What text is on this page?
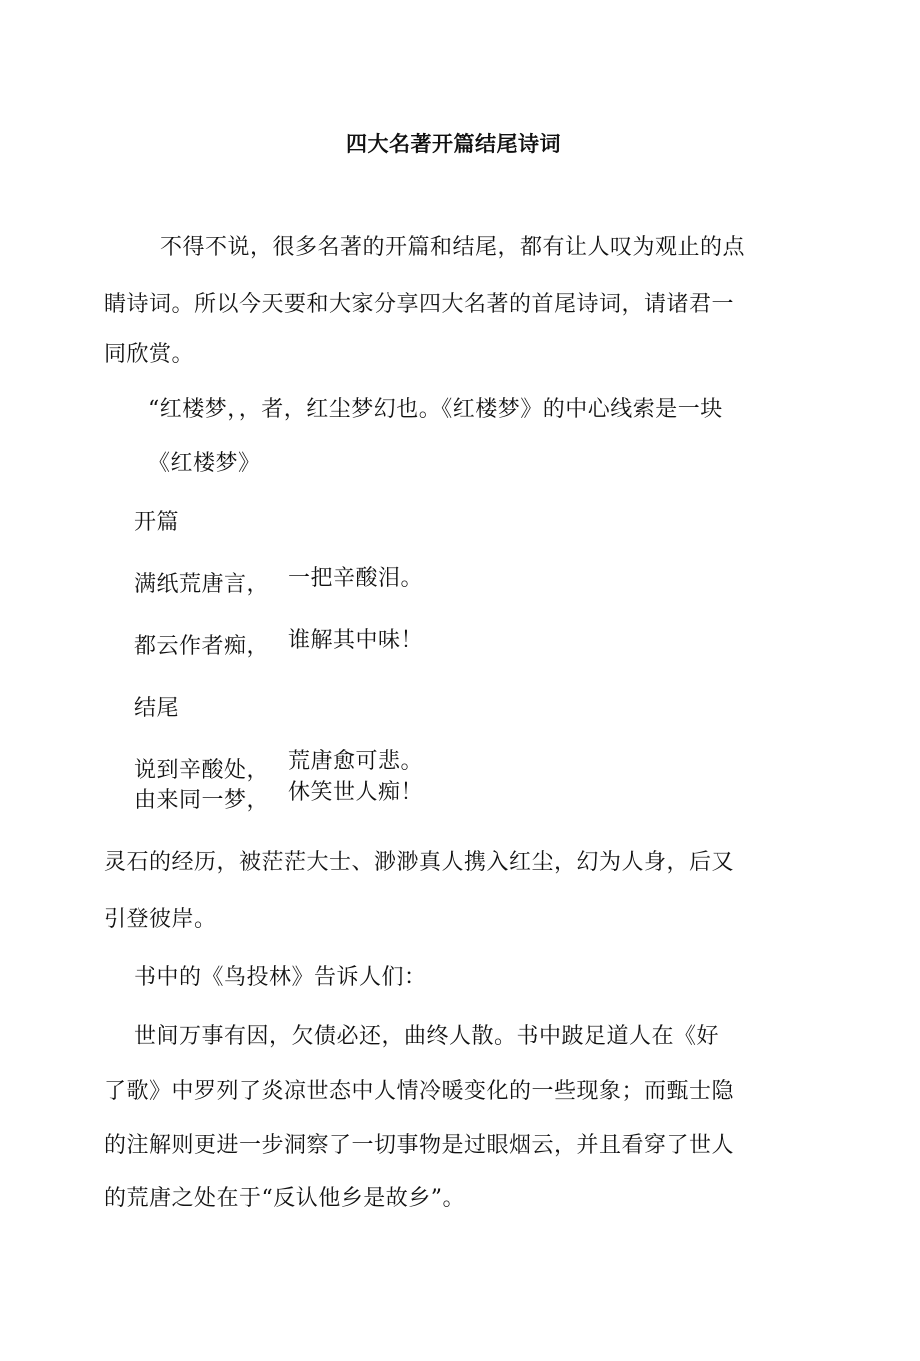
四大名著开篇结尾诗词
不得不说，很多名著的开篇和结尾，都有让人叹为观止的点
睛诗词。所以今天要和大家分享四大名著的首尾诗词，请诸君一
同欣赏。
“红楼梦，，者，红尘梦幻也。《红楼梦》的中心线索是一块
《红楼梦》
开篇
满纸荒唐言， 一把辛酸泪。
都云作者痴， 谁解其中味！
结尾
说到辛酸处， 荒唐愈可悲。
由来同一梦， 休笑世人痴！
灵石的经历，被茫茫大士、渺渺真人携入红尘，幻为人身，后又
引登彼岸。
书中的《鸟投林》告诉人们：
世间万事有因，欠债必还，曲终人散。书中跛足道人在《好
了歌》中罗列了炎凉世态中人情冷暖变化的一些现象；而甄士隐
的注解则更进一步洞察了一切事物是过眼烟云，并且看穿了世人
的荒唐之处在于“反认他乡是故乡”。
